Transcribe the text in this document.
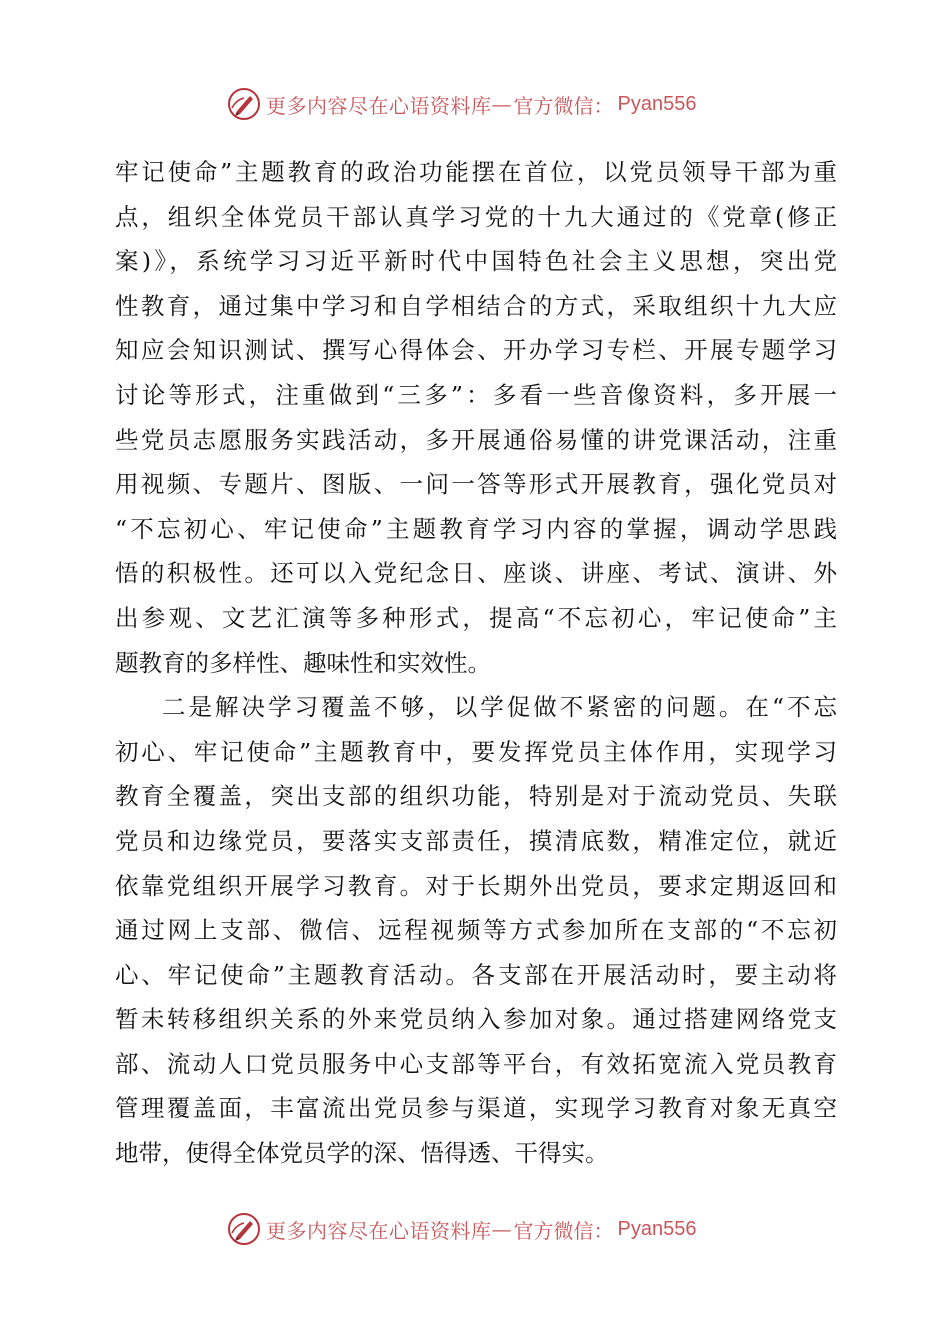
更多内容尽在心语资料库 — 官方微信： Pyan556
牢记使命”主题教育的政治功能摆在首位，以党员领导干部为重
点，组织全体党员干部认真学习党的十九大通过的《党章(修正
案)》，系统学习习近平新时代中国特色社会主义思想，突出党
性教育，通过集中学习和自学相结合的方式，采取组织十九大应
知应会知识测试、撰写心得体会、开办学习专栏、开展专题学习
讨论等形式，注重做到“三多”：多看一些音像资料，多开展一
些党员志愿服务实践活动，多开展通俗易懂的讲党课活动，注重
用视频、专题片、图版、一问一答等形式开展教育，强化党员对
“不忘初心、牢记使命”主题教育学习内容的掌握，调动学思践
悟的积极性。还可以入党纪念日、座谈、讲座、考试、演讲、外
出参观、文艺汇演等多种形式，提高“不忘初心，牢记使命”主
题教育的多样性、趣味性和实效性。
二是解决学习覆盖不够，以学促做不紧密的问题。在“不忘
初心、牢记使命”主题教育中，要发挥党员主体作用，实现学习
教育全覆盖，突出支部的组织功能，特别是对于流动党员、失联
党员和边缘党员，要落实支部责任，摸清底数，精准定位，就近
依靠党组织开展学习教育。对于长期外出党员，要求定期返回和
通过网上支部、微信、远程视频等方式参加所在支部的“不忘初
心、牢记使命”主题教育活动。各支部在开展活动时，要主动将
暂未转移组织关系的外来党员纳入参加对象。通过搭建网络党支
部、流动人口党员服务中心支部等平台，有效拓宽流入党员教育
管理覆盖面，丰富流出党员参与渠道，实现学习教育对象无真空
地带，使得全体党员学的深、悟得透、干得实。
更多内容尽在心语资料库 — 官方微信： Pyan556
